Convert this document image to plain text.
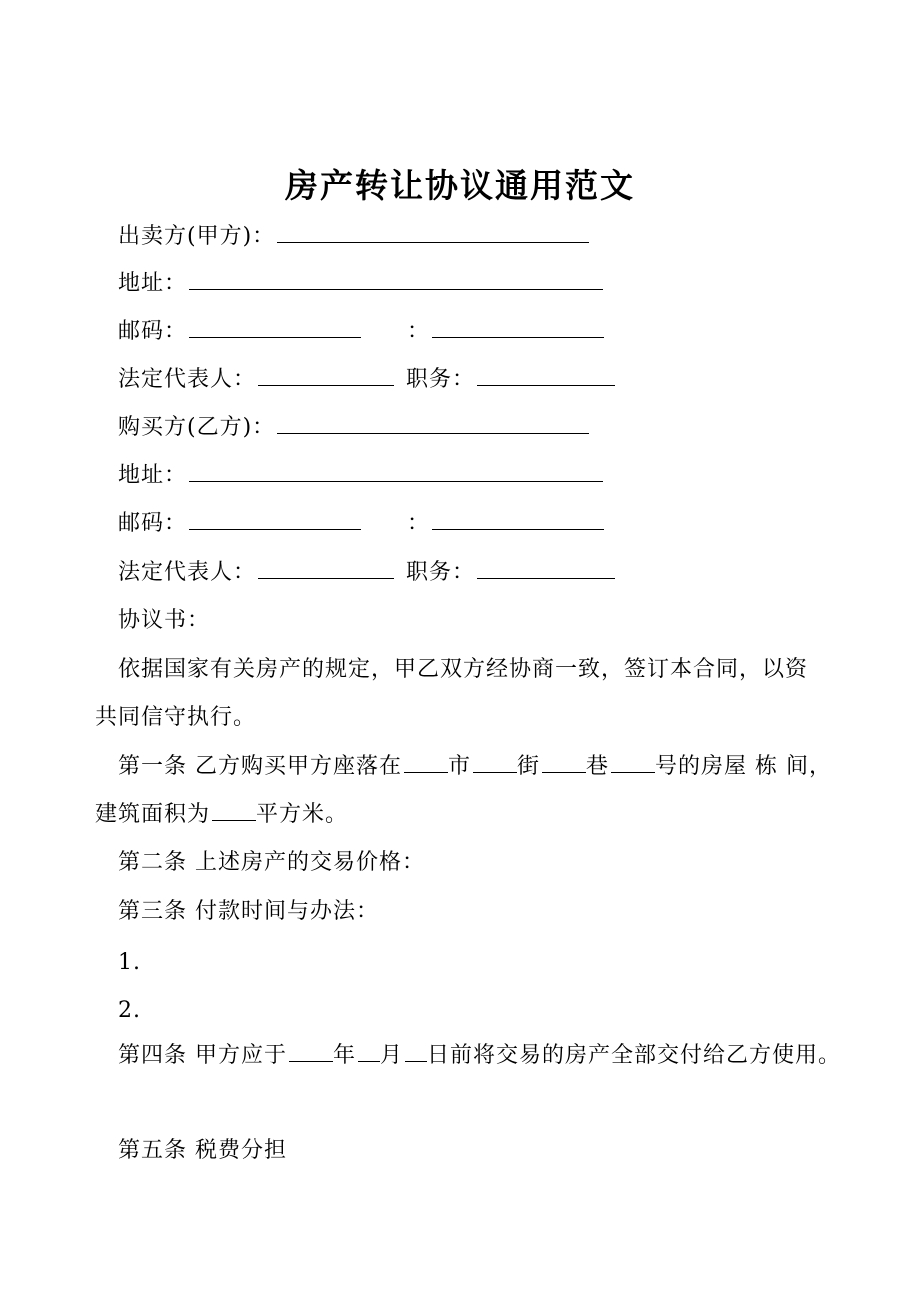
房产转让协议通用范文
出卖方(甲方)：
地址：
邮码：	：
法定代表人：	职务：
购买方(乙方)：
地址：
邮码：	：
法定代表人：	职务：
协议书：
依据国家有关房产的规定，甲乙双方经协商一致，签订本合同，以资
共同信守执行。
第一条 乙方购买甲方座落在 市 街 巷 号的房屋 栋 间，
建筑面积为 平方米。
第二条 上述房产的交易价格：
第三条 付款时间与办法：
1.
2.
第四条 甲方应于 年 月 日前将交易的房产全部交付给乙方使用。
第五条 税费分担
